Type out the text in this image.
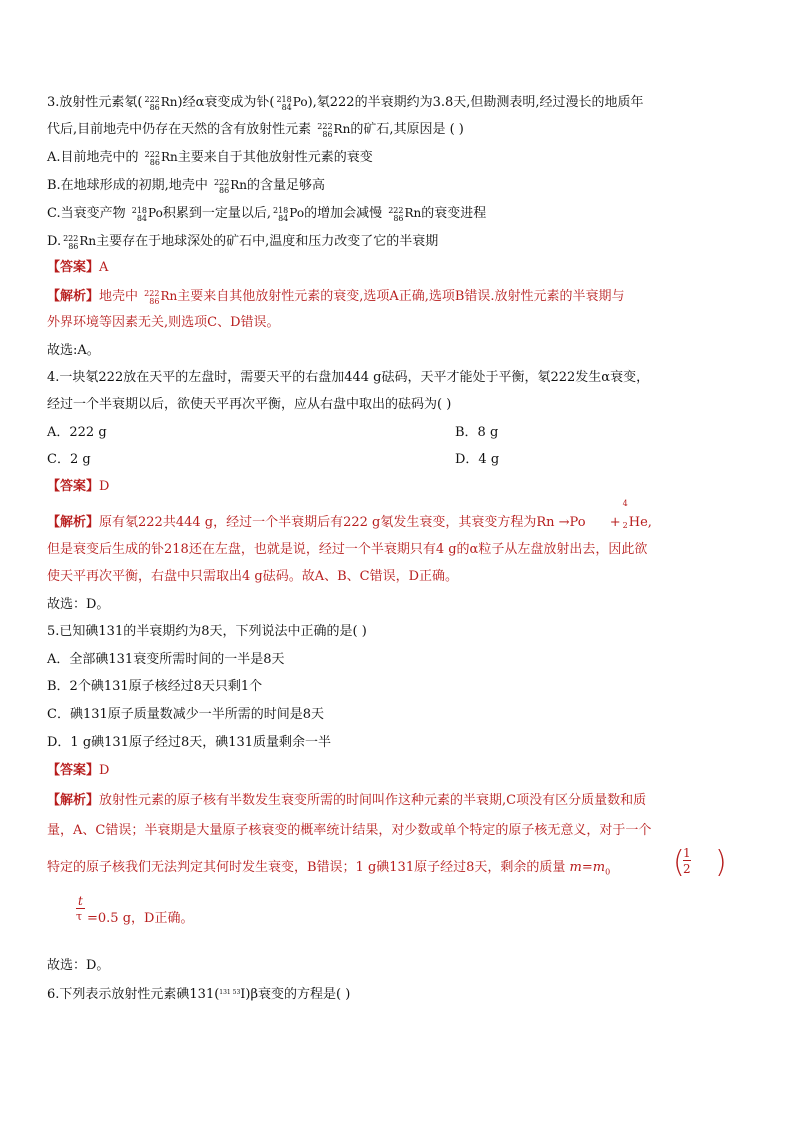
3.放射性元素氡( 222
86 Rn)经α衰变成为钋( 218
84 Po),氡222的半衰期约为3.8天,但勘测表明,经过漫长的地质年
代后,目前地壳中仍存在天然的含有放射性元素 222
86 Rn的矿石,其原因是 ( )
A.目前地壳中的 222
86 Rn主要来自于其他放射性元素的衰变
B.在地球形成的初期,地壳中 222
86 Rn的含量足够高
C.当衰变产物 218
84 Po积累到一定量以后, 218
84 Po的增加会减慢 222
86 Rn的衰变进程
D. 222
86 Rn主要存在于地球深处的矿石中,温度和压力改变了它的半衰期
【答案】A
【解析】地壳中 222
86 Rn主要来自其他放射性元素的衰变,选项A正确,选项B错误.放射性元素的半衰期与
外界环境等因素无关,则选项C、D错误。
故选:A。
4.一块氡222放在天平的左盘时，需要天平的右盘加444 g砝码，天平才能处于平衡，氡222发生α衰变，
经过一个半衰期以后，欲使天平再次平衡，应从右盘中取出的砝码为( )
A．222 g	B．8 g
C．2 g	D．4 g
【答案】D
【解析】原有氡222共444 g，经过一个半衰期后有222 g氡发生衰变，其衰变方程为Rn →Po +
4
2 He,
但是衰变后生成的钋218还在左盘，也就是说，经过一个半衰期只有4 g的α粒子从左盘放射出去，因此欲
使天平再次平衡，右盘中只需取出4 g砝码。故A、B、C错误，D正确。
故选：D。
5.已知碘131的半衰期约为8天，下列说法中正确的是( )
A．全部碘131衰变所需时间的一半是8天
B．2个碘131原子核经过8天只剩1个
C．碘131原子质量数减少一半所需的时间是8天
D．1 g碘131原子经过8天，碘131质量剩余一半
【答案】D
【解析】放射性元素的原子核有半数发生衰变所需的时间叫作这种元素的半衰期,C项没有区分质量数和质
量，A、C错误；半衰期是大量原子核衰变的概率统计结果，对少数或单个特定的原子核无意义，对于一个
特定的原子核我们无法判定其何时发生衰变，B错误；1 g碘131原子经过8天，剩余的质量 $m=m_0$	(
1
2 )
t
τ =0.5 g，D正确。
故选：D。
6.下列表示放射性元素碘131($^{131 53}$I)β衰变的方程是( )
